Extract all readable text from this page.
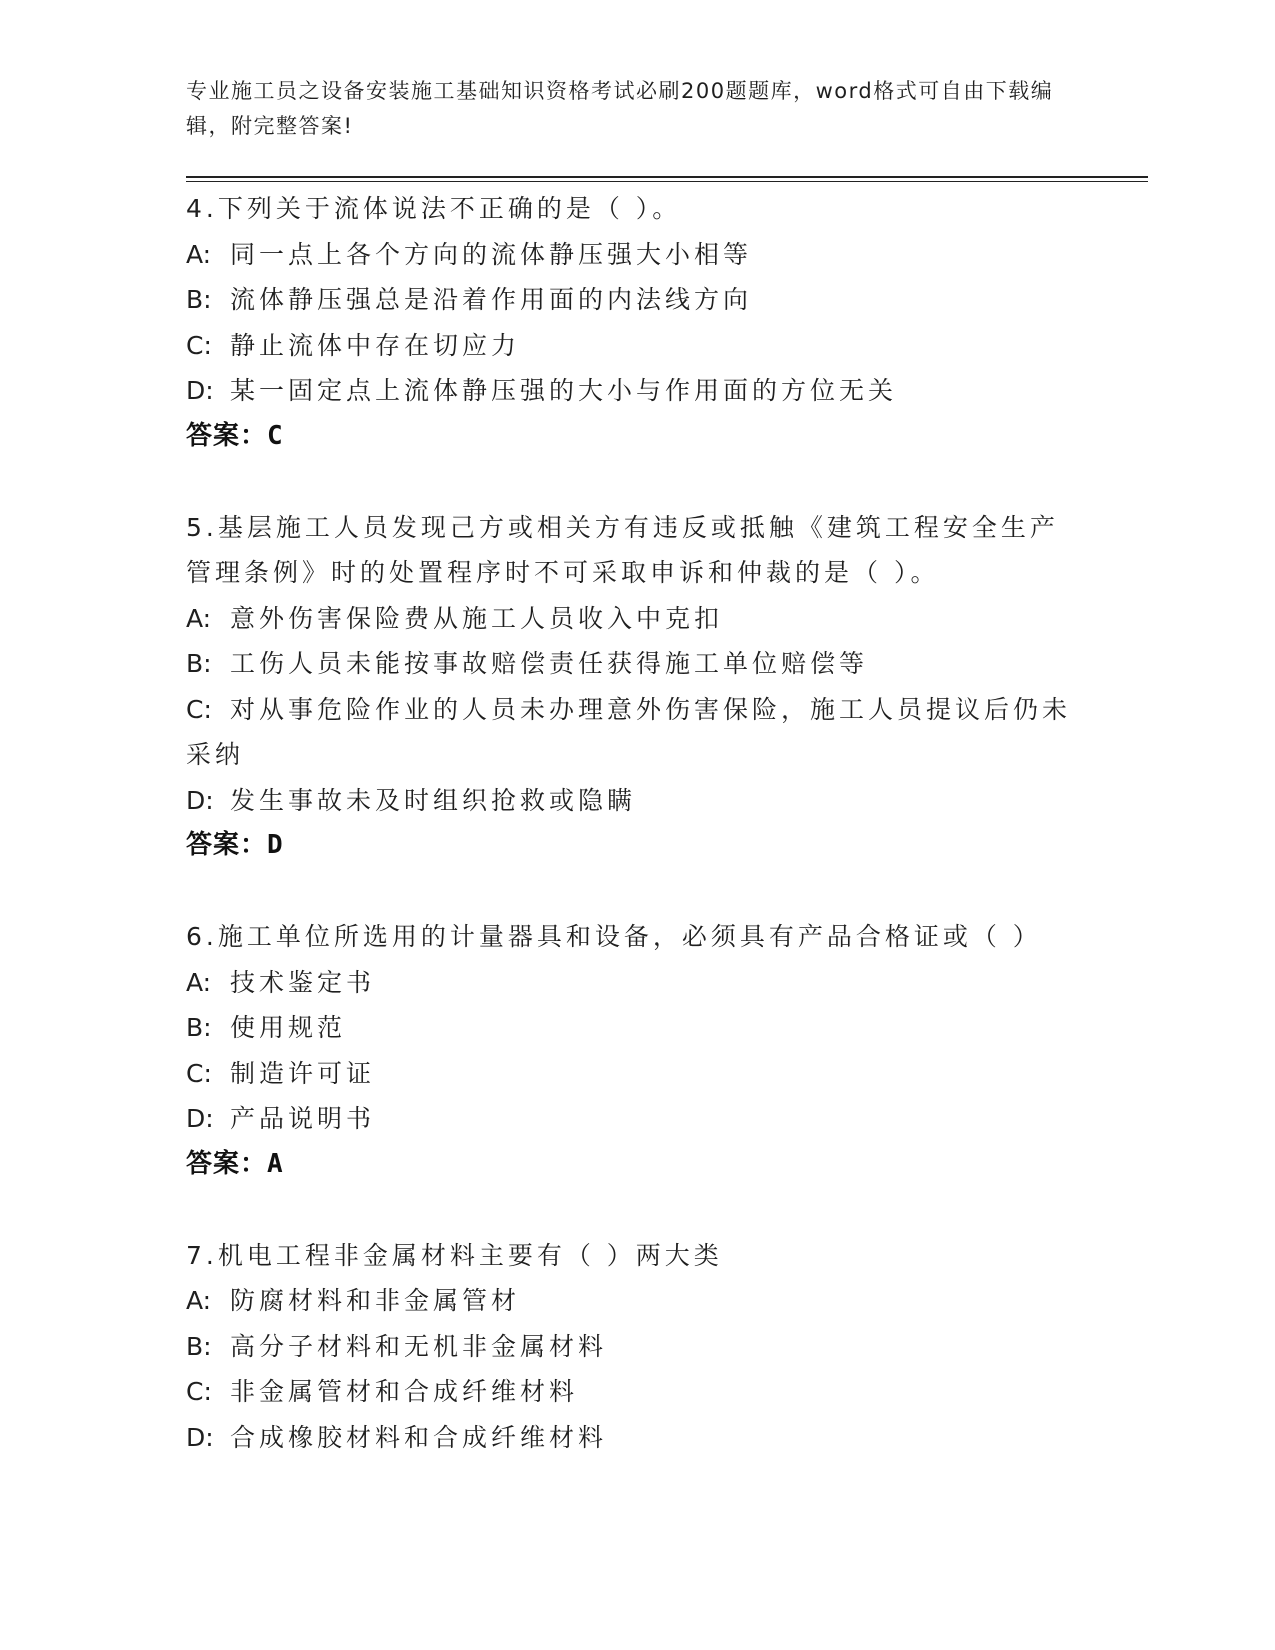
专业施工员之设备安装施工基础知识资格考试必刷200题题库，word格式可自由下载编辑，附完整答案!
4.下列关于流体说法不正确的是（ ）。
A: 同一点上各个方向的流体静压强大小相等
B: 流体静压强总是沿着作用面的内法线方向
C: 静止流体中存在切应力
D: 某一固定点上流体静压强的大小与作用面的方位无关
答案：C
5.基层施工人员发现己方或相关方有违反或抵触《建筑工程安全生产管理条例》时的处置程序时不可采取申诉和仲裁的是（ ）。
A: 意外伤害保险费从施工人员收入中克扣
B: 工伤人员未能按事故赔偿责任获得施工单位赔偿等
C: 对从事危险作业的人员未办理意外伤害保险，施工人员提议后仍未采纳
D: 发生事故未及时组织抢救或隐瞒
答案：D
6.施工单位所选用的计量器具和设备，必须具有产品合格证或（ ）
A: 技术鉴定书
B: 使用规范
C: 制造许可证
D: 产品说明书
答案：A
7.机电工程非金属材料主要有（ ）两大类
A: 防腐材料和非金属管材
B: 高分子材料和无机非金属材料
C: 非金属管材和合成纤维材料
D: 合成橡胶材料和合成纤维材料
